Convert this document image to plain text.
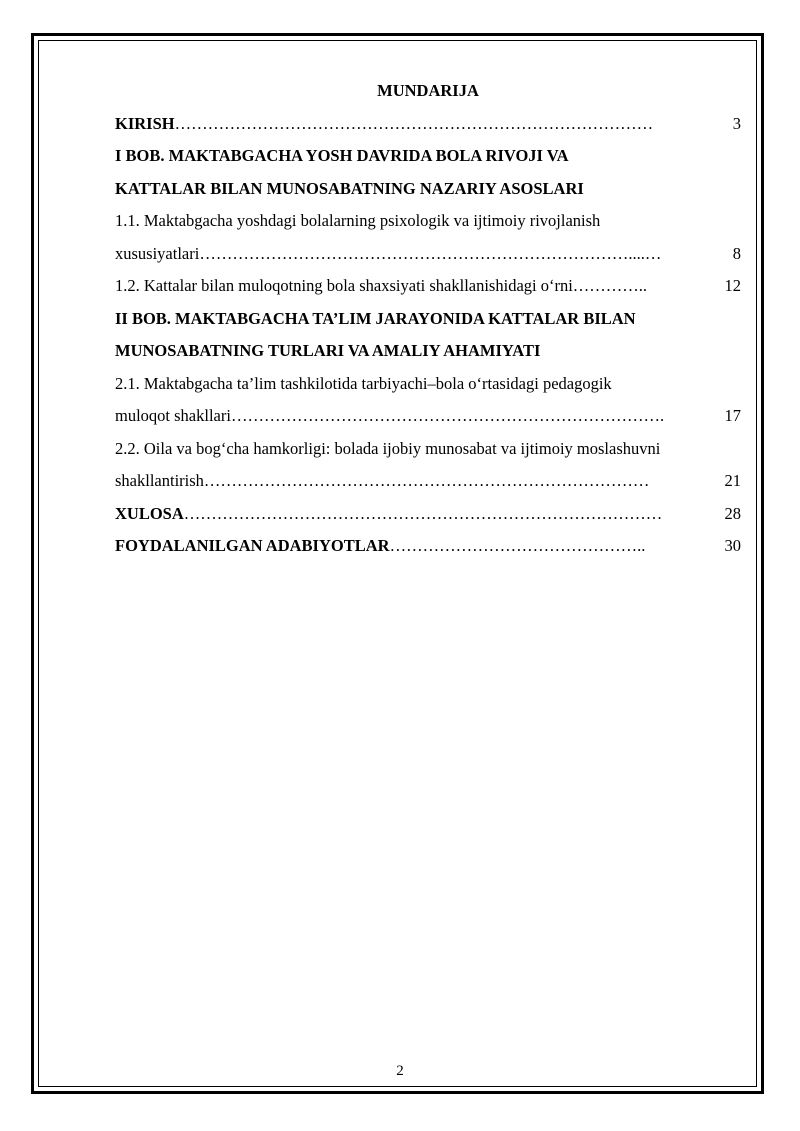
MUNDARIJA
KIRISH ……………………………………………………………………………	3
I BOB. MAKTABGACHA YOSH DAVRIDA BOLA RIVOJI VA
KATTALAR BILAN MUNOSABATNING NAZARIY ASOSLARI
1.1. Maktabgacha yoshdagi bolalarning psixologik va ijtimoiy rivojlanish
xususiyatlari ……………………………………………………………………....…	8
1.2. Kattalar bilan muloqotning bola shaxsiyati shakllanishidagi o‘rni …………..	12
II BOB. MAKTABGACHA TA’LIM JARAYONIDA KATTALAR BILAN
MUNOSABATNING TURLARI VA AMALIY AHAMIYATI
2.1. Maktabgacha ta’lim tashkilotida tarbiyachi–bola o‘rtasidagi pedagogik
muloqot shakllari …………………………………………………………………….	17
2.2. Oila va bog‘cha hamkorligi: bolada ijobiy munosabat va ijtimoiy moslashuvni
shakllantirish ………………………………………………………………………	21
XULOSA ……………………………………………………………………………	28
FOYDALANILGAN ADABIYOTLAR ………………………………………..	30
2
